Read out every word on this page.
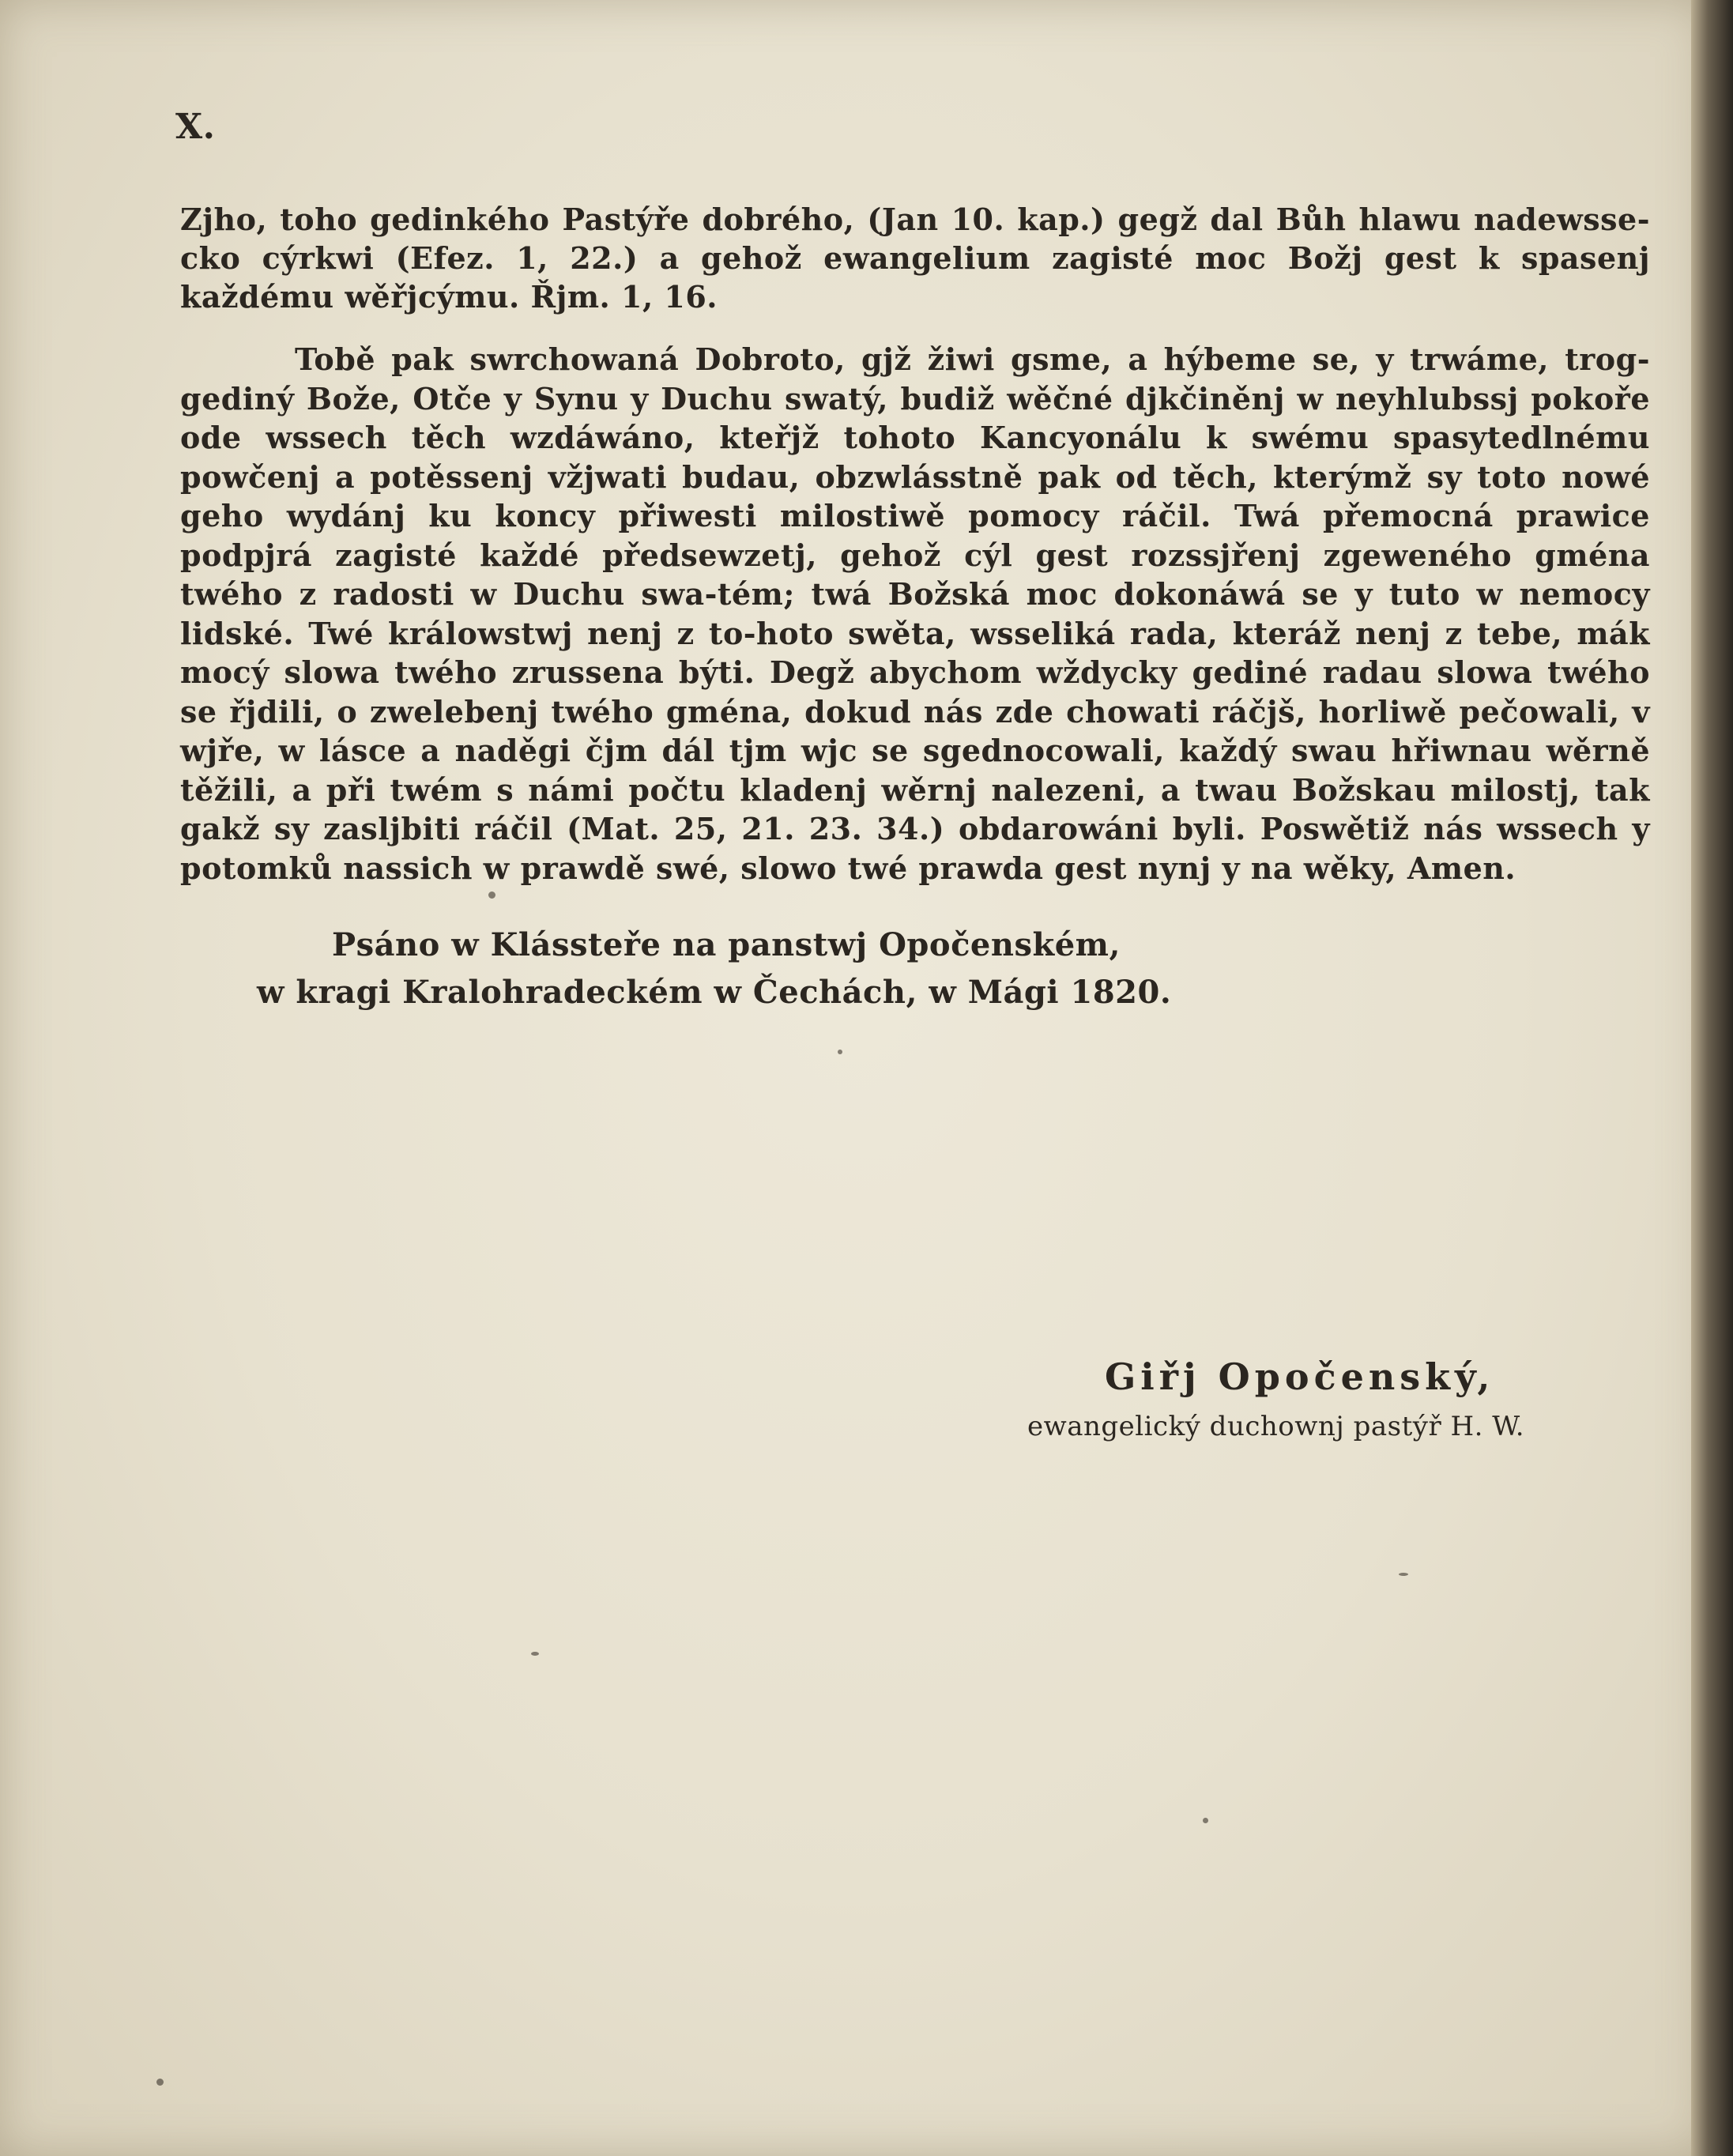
X.

Zjho, toho gedinkého Pastýře dobrého, (Jan 10. kap.) gegž dal Bůh hlawu nadewsse-cko cýrkwi (Efez. 1, 22.) a gehož ewangelium zagisté moc Božj gest k spasenj každému wěřjcýmu. Řjm. 1, 16.

Tobě pak swrchowaná Dobroto, gjž žiwi gsme, a hýbeme se, y trwáme, trog-gediný Bože, Otče y Synu y Duchu swatý, budiž wěčné djkčiněnj w neyhlubssj pokoře ode wssech těch wzdáwáno, kteřjž tohoto Kancyonálu k swému spasytedlnému powčenj a potěssenj vžjwati budau, obzwlásstně pak od těch, kterýmž sy toto nowé geho wydánj ku koncy přiwesti milostiwě pomocy ráčil. Twá přemocná prawice podpjrá zagisté každé předsewzetj, gehož cýl gest rozssjřenj zgeweného gména twého z radosti w Duchu swa-tém; twá Božská moc dokonáwá se y tuto w nemocy lidské. Twé králowstwj nenj z to-hoto swěta, wsseliká rada, kteráž nenj z tebe, mák mocý slowa twého zrussena býti. Degž abychom wždycky gediné radau slowa twého se řjdili, o zwelebenj twého gména, dokud nás zde chowati ráčjš, horliwě pečowali, v wjře, w lásce a naděgi čjm dál tjm wjc se sgednocowali, každý swau hřiwnau wěrně těžili, a při twém s námi počtu kladenj wěrnj nalezeni, a twau Božskau milostj, tak gakž sy zasljbiti ráčil (Mat. 25, 21. 23. 34.) obdarowáni byli. Poswětiž nás wssech y potomků nassich w prawdě swé, slowo twé prawda gest nynj y na wěky, Amen.

Psáno w Klássteře na panstwj Opočenském,
w kragi Kralohradeckém w Čechách, w Mági 1820.
Giřj Opočenský,
ewangelický duchownj pastýř H. W.
